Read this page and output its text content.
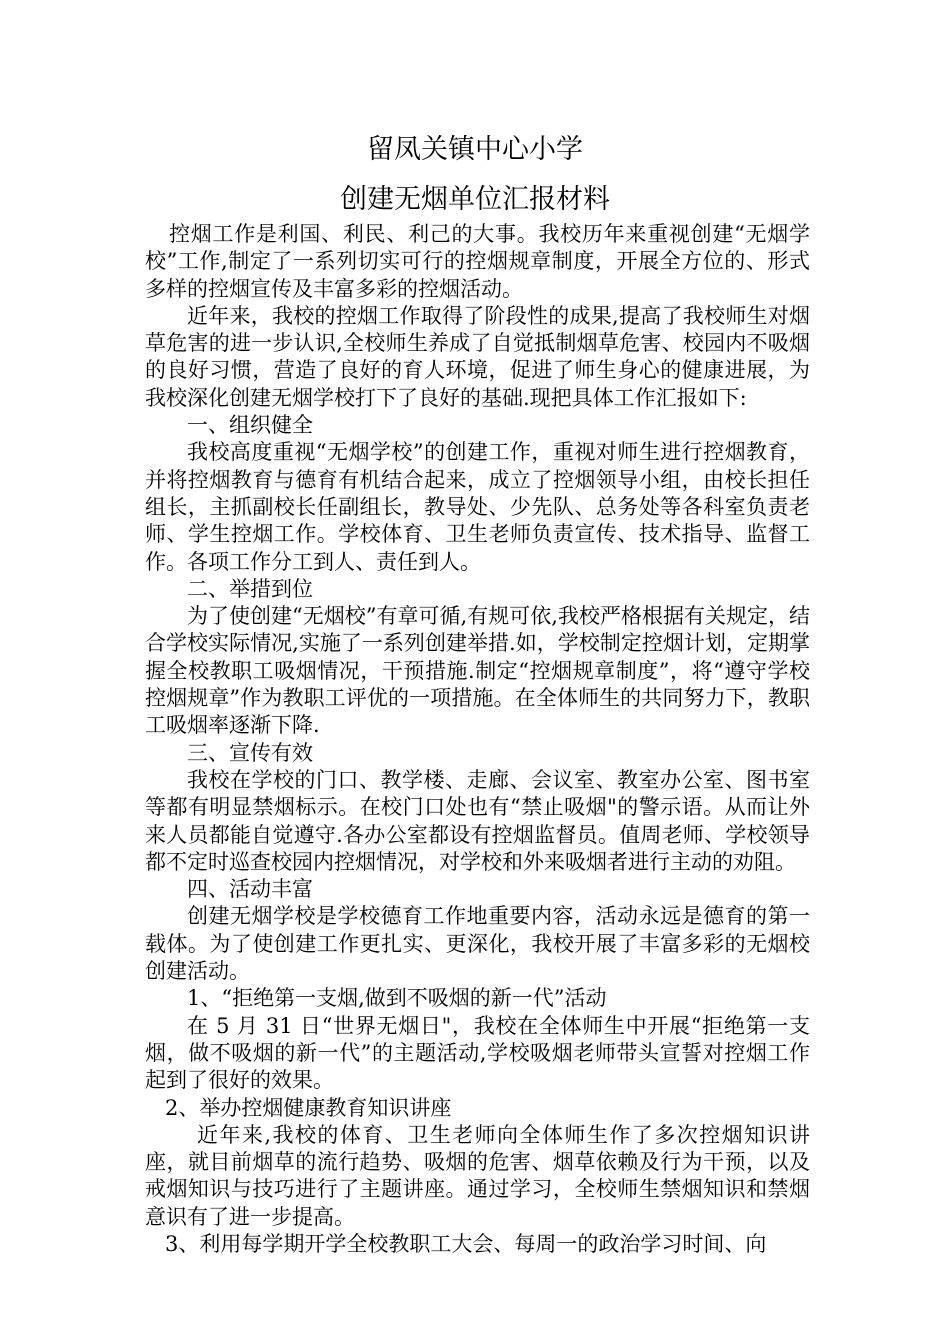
留凤关镇中心小学
创建无烟单位汇报材料

控烟工作是利国、利民、利己的大事。我校历年来重视创建“无烟学校”工作,制定了一系列切实可行的控烟规章制度，开展全方位的、形式多样的控烟宣传及丰富多彩的控烟活动。

近年来，我校的控烟工作取得了阶段性的成果,提高了我校师生对烟草危害的进一步认识,全校师生养成了自觉抵制烟草危害、校园内不吸烟的良好习惯，营造了良好的育人环境，促进了师生身心的健康进展，为我校深化创建无烟学校打下了良好的基础.现把具体工作汇报如下:

一、组织健全

我校高度重视“无烟学校”的创建工作，重视对师生进行控烟教育，并将控烟教育与德育有机结合起来，成立了控烟领导小组，由校长担任组长，主抓副校长任副组长，教导处、少先队、总务处等各科室负责老师、学生控烟工作。学校体育、卫生老师负责宣传、技术指导、监督工作。各项工作分工到人、责任到人。

二、举措到位

为了使创建“无烟校”有章可循,有规可依,我校严格根据有关规定，结合学校实际情况,实施了一系列创建举措.如，学校制定控烟计划，定期掌握全校教职工吸烟情况，干预措施.制定“控烟规章制度”，将“遵守学校控烟规章”作为教职工评优的一项措施。在全体师生的共同努力下，教职工吸烟率逐渐下降.

三、宣传有效

我校在学校的门口、教学楼、走廊、会议室、教室办公室、图书室等都有明显禁烟标示。在校门口处也有“禁止吸烟"的警示语。从而让外来人员都能自觉遵守.各办公室都设有控烟监督员。值周老师、学校领导都不定时巡查校园内控烟情况，对学校和外来吸烟者进行主动的劝阻。

四、活动丰富

创建无烟学校是学校德育工作地重要内容，活动永远是德育的第一载体。为了使创建工作更扎实、更深化，我校开展了丰富多彩的无烟校创建活动。

1、“拒绝第一支烟,做到不吸烟的新一代”活动

在 5 月 31 日“世界无烟日"，我校在全体师生中开展“拒绝第一支烟，做不吸烟的新一代”的主题活动,学校吸烟老师带头宣誓对控烟工作起到了很好的效果。

2、举办控烟健康教育知识讲座

近年来,我校的体育、卫生老师向全体师生作了多次控烟知识讲座，就目前烟草的流行趋势、吸烟的危害、烟草依赖及行为干预，以及戒烟知识与技巧进行了主题讲座。通过学习，全校师生禁烟知识和禁烟意识有了进一步提高。

3、利用每学期开学全校教职工大会、每周一的政治学习时间、向
